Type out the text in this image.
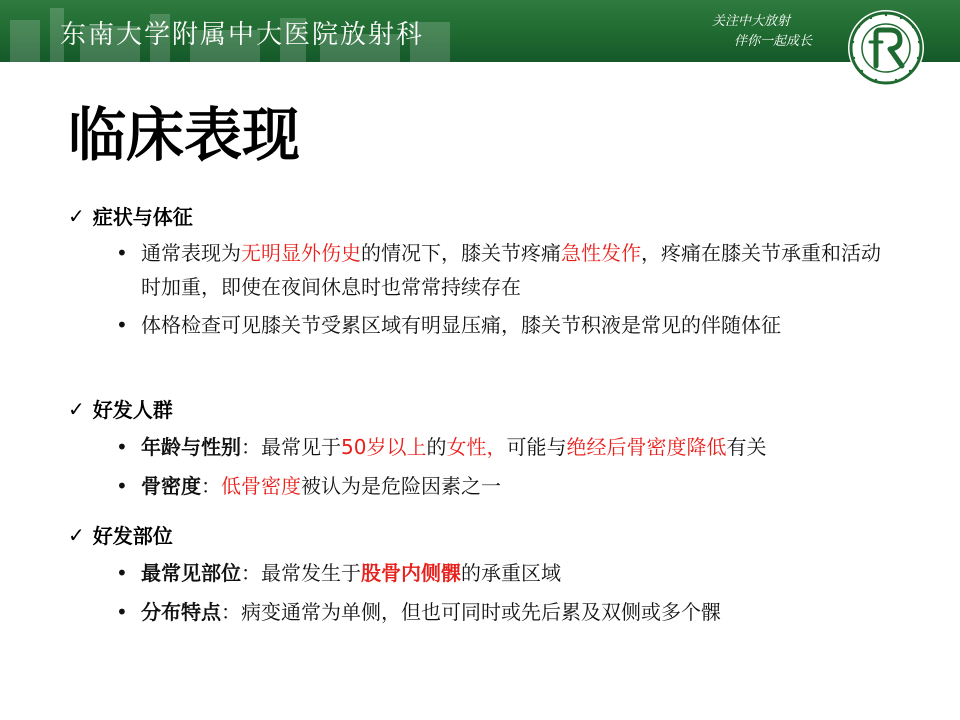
东南大学附属中大医院放射科	关注中大放射
伴你一起成长
临床表现
✓ 症状与体征
• 通常表现为无明显外伤史的情况下，膝关节疼痛急性发作，疼痛在膝关节承重和活动时加重，即使在夜间休息时也常常持续存在
• 体格检查可见膝关节受累区域有明显压痛，膝关节积液是常见的伴随体征
✓ 好发人群
• 年龄与性别：最常见于50岁以上的女性，可能与绝经后骨密度降低有关
• 骨密度：低骨密度被认为是危险因素之一
✓ 好发部位
• 最常见部位：最常发生于股骨内侧髁的承重区域
• 分布特点：病变通常为单侧，但也可同时或先后累及双侧或多个髁
